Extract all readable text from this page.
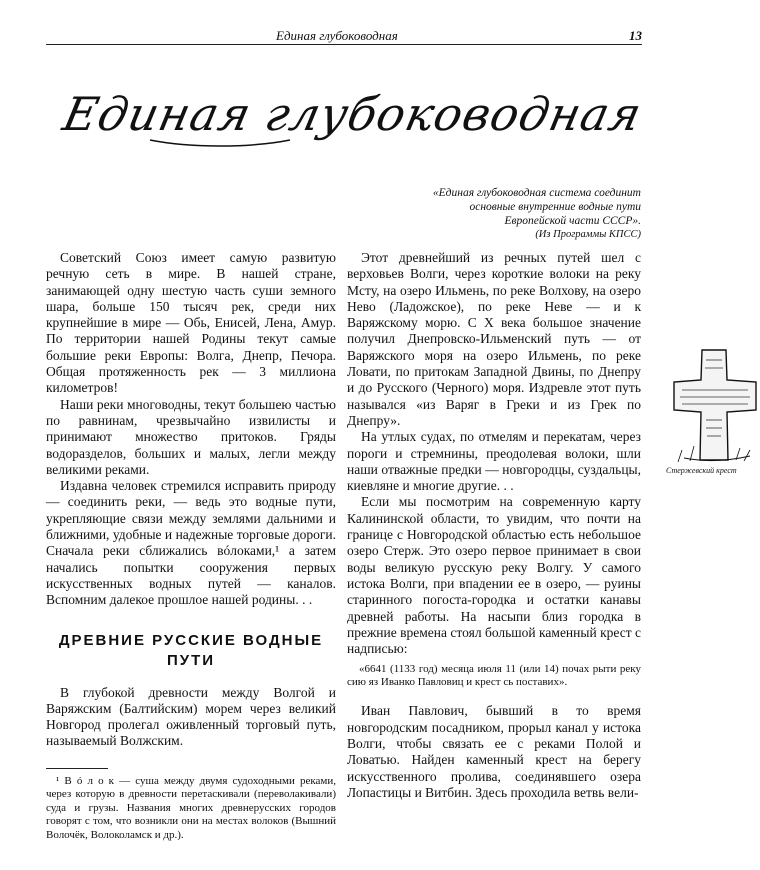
Единая глубоководная	13
Единая глубоководная
«Единая глубоководная система соединит основные внутренние водные пути Европейской части СССР».
(Из Программы КПСС)

Советский Союз имеет самую развитую речную сеть в мире. В нашей стране, занимающей одну шестую часть суши земного шара, больше 150 тысяч рек, среди них крупнейшие в мире — Обь, Енисей, Лена, Амур. По территории нашей Родины текут самые большие реки Европы: Волга, Днепр, Печора. Общая протяженность рек — 3 миллиона километров!

Наши реки многоводны, текут большею частью по равнинам, чрезвычайно извилисты и принимают множество притоков. Гряды водоразделов, больших и малых, легли между великими реками.

Издавна человек стремился исправить природу — соединить реки, — ведь это водные пути, укрепляющие связи между землями дальними и ближними, удобные и надежные торговые дороги. Сначала реки сближались вóлоками,¹ а затем начались попытки сооружения первых искусственных водных путей — каналов. Вспомним далекое прошлое нашей родины. . .

ДРЕВНИЕ РУССКИЕ ВОДНЫЕ ПУТИ

В глубокой древности между Волгой и Варяжским (Балтийским) морем через великий Новгород пролегал оживленный торговый путь, называемый Волжским.

¹ В ó л о к — суша между двумя судоходными реками, через которую в древности перетаскивали (переволакивали) суда и грузы. Названия многих древнерусских городов говорят с том, что возникли они на местах волоков (Вышний Волочёк, Волоколамск и др.).

Этот древнейший из речных путей шел с верховьев Волги, через короткие волоки на реку Мсту, на озеро Ильмень, по реке Волхову, на озеро Нево (Ладожское), по реке Неве — и к Варяжскому морю. С X века большое значение получил Днепровско-Ильменский путь — от Варяжского моря на озеро Ильмень, по реке Ловати, по притокам Западной Двины, по Днепру и до Русского (Черного) моря. Издревле этот путь назывался «из Варяг в Греки и из Грек по Днепру».

На утлых судах, по отмелям и перекатам, через пороги и стремнины, преодолевая волоки, шли наши отважные предки — новгородцы, суздальцы, киевляне и многие другие. . .

Если мы посмотрим на современную карту Калининской области, то увидим, что почти на границе с Новгородской областью есть небольшое озеро Стерж. Это озеро первое принимает в свои воды великую русскую реку Волгу. У самого истока Волги, при впадении ее в озеро, — руины старинного погоста-городка и остатки канавы древней работы. На насыпи близ городка в прежние времена стоял большой каменный крест с надписью:

«6641 (1133 год) месяца июля 11 (или 14) почах рыти реку сию яз Иванко Павловиц и крест сь поставих».

Иван Павлович, бывший в то время новгородским посадником, прорыл канал у истока Волги, чтобы связать ее с реками Полой и Ловатью. Найден каменный крест на берегу искусственного пролива, соединявшего озера Лопастицы и Витбин. Здесь проходила ветвь вели-

Стержевский крест
